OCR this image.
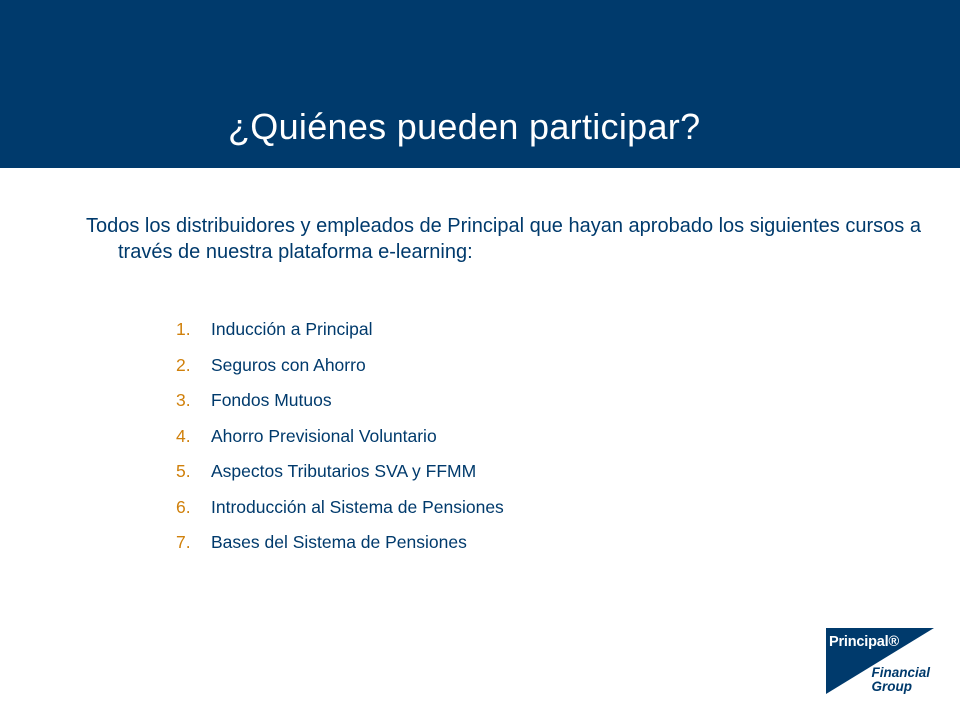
¿Quiénes pueden participar?

Todos los distribuidores y empleados de Principal que hayan aprobado los siguientes cursos a través de nuestra plataforma e-learning:

1.	Inducción a Principal
2.	Seguros con Ahorro
3.	Fondos Mutuos
4.	Ahorro Previsional Voluntario
5.	Aspectos Tributarios SVA y FFMM
6.	Introducción al Sistema de Pensiones
7.	Bases del Sistema de Pensiones
Principal®
Financial
Group
